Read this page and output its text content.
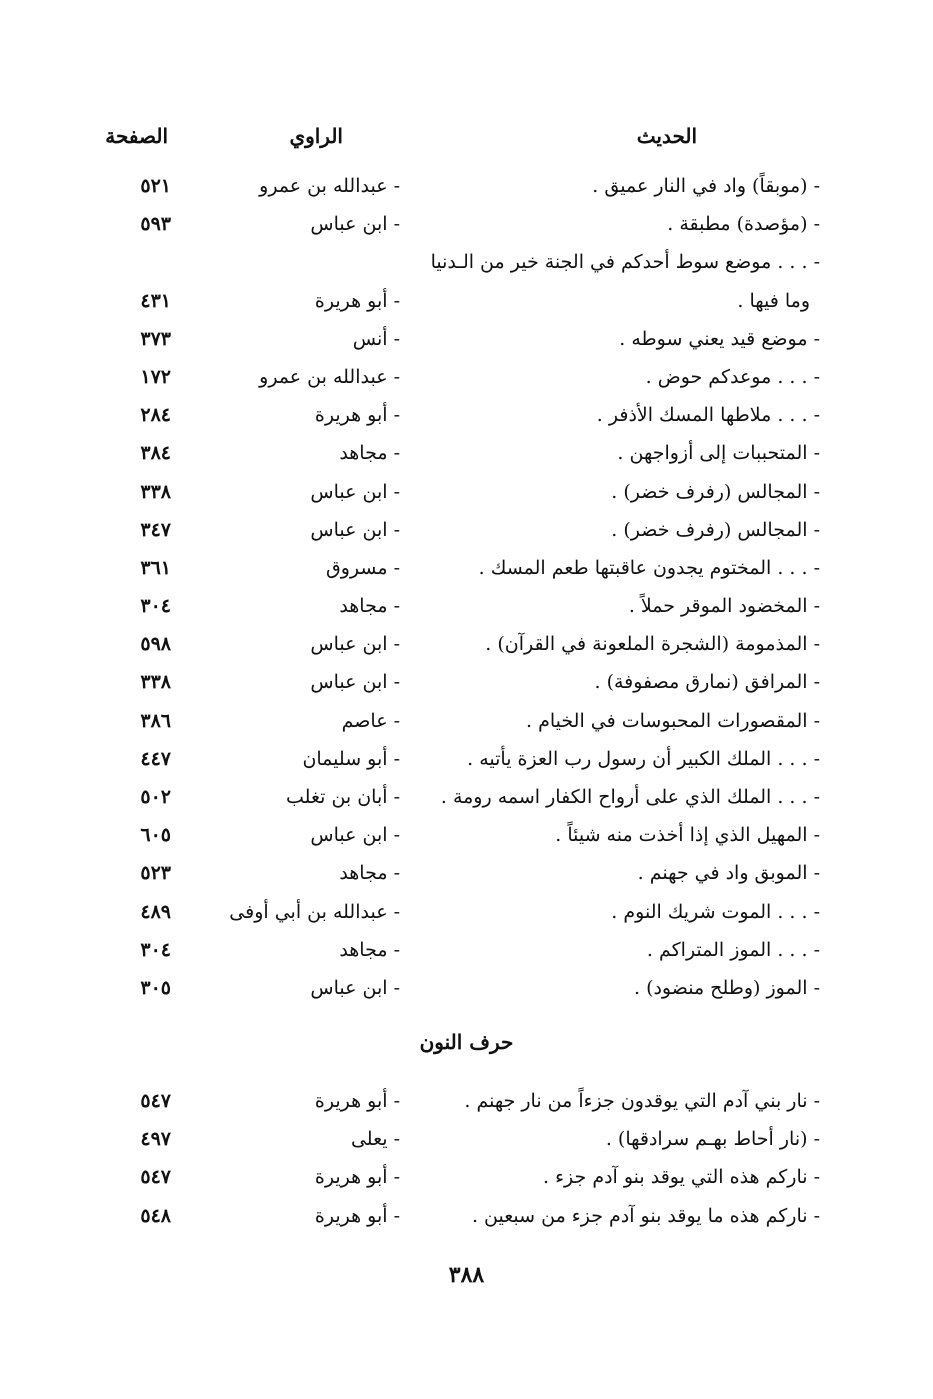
الحديث
الراوي
الصفحة
- (موبقاً) واد في النار عميق .
- عبدالله بن عمرو
٥٢١
- (مؤصدة) مطبقة .
- ابن عباس
٥٩٣
- . . . موضع سوط أحدكم في الجنة خير من الـدنيا
وما فيها .
- أبو هريرة
٤٣١
- موضع قيد يعني سوطه .
- أنس
٣٧٣
- . . . موعدكم حوض .
- عبدالله بن عمرو
١٧٢
- . . . ملاطها المسك الأذفر .
- أبو هريرة
٢٨٤
- المتحببات إلى أزواجهن .
- مجاهد
٣٨٤
- المجالس (رفرف خضر) .
- ابن عباس
٣٣٨
- المجالس (رفرف خضر) .
- ابن عباس
٣٤٧
- . . . المختوم يجدون عاقبتها طعم المسك .
- مسروق
٣٦١
- المخضود الموقر حملاً .
- مجاهد
٣٠٤
- المذمومة (الشجرة الملعونة في القرآن) .
- ابن عباس
٥٩٨
- المرافق (نمارق مصفوفة) .
- ابن عباس
٣٣٨
- المقصورات المحبوسات في الخيام .
- عاصم
٣٨٦
- . . . الملك الكبير أن رسول رب العزة يأتيه .
- أبو سليمان
٤٤٧
- . . . الملك الذي على أرواح الكفار اسمه رومة .
- أبان بن تغلب
٥٠٢
- المهيل الذي إذا أخذت منه شيئاً .
- ابن عباس
٦٠٥
- الموبق واد في جهنم .
- مجاهد
٥٢٣
- . . . الموت شريك النوم .
- عبدالله بن أبي أوفى
٤٨٩
- . . . الموز المتراكم .
- مجاهد
٣٠٤
- الموز (وطلح منضود) .
- ابن عباس
٣٠٥
حرف النون
- نار بني آدم التي يوقدون جزءاً من نار جهنم .
- أبو هريرة
٥٤٧
- (نار أحاط بهـم سرادقها) .
- يعلى
٤٩٧
- ناركم هذه التي يوقد بنو آدم جزء .
- أبو هريرة
٥٤٧
- ناركم هذه ما يوقد بنو آدم جزء من سبعين .
- أبو هريرة
٥٤٨
٣٨٨
